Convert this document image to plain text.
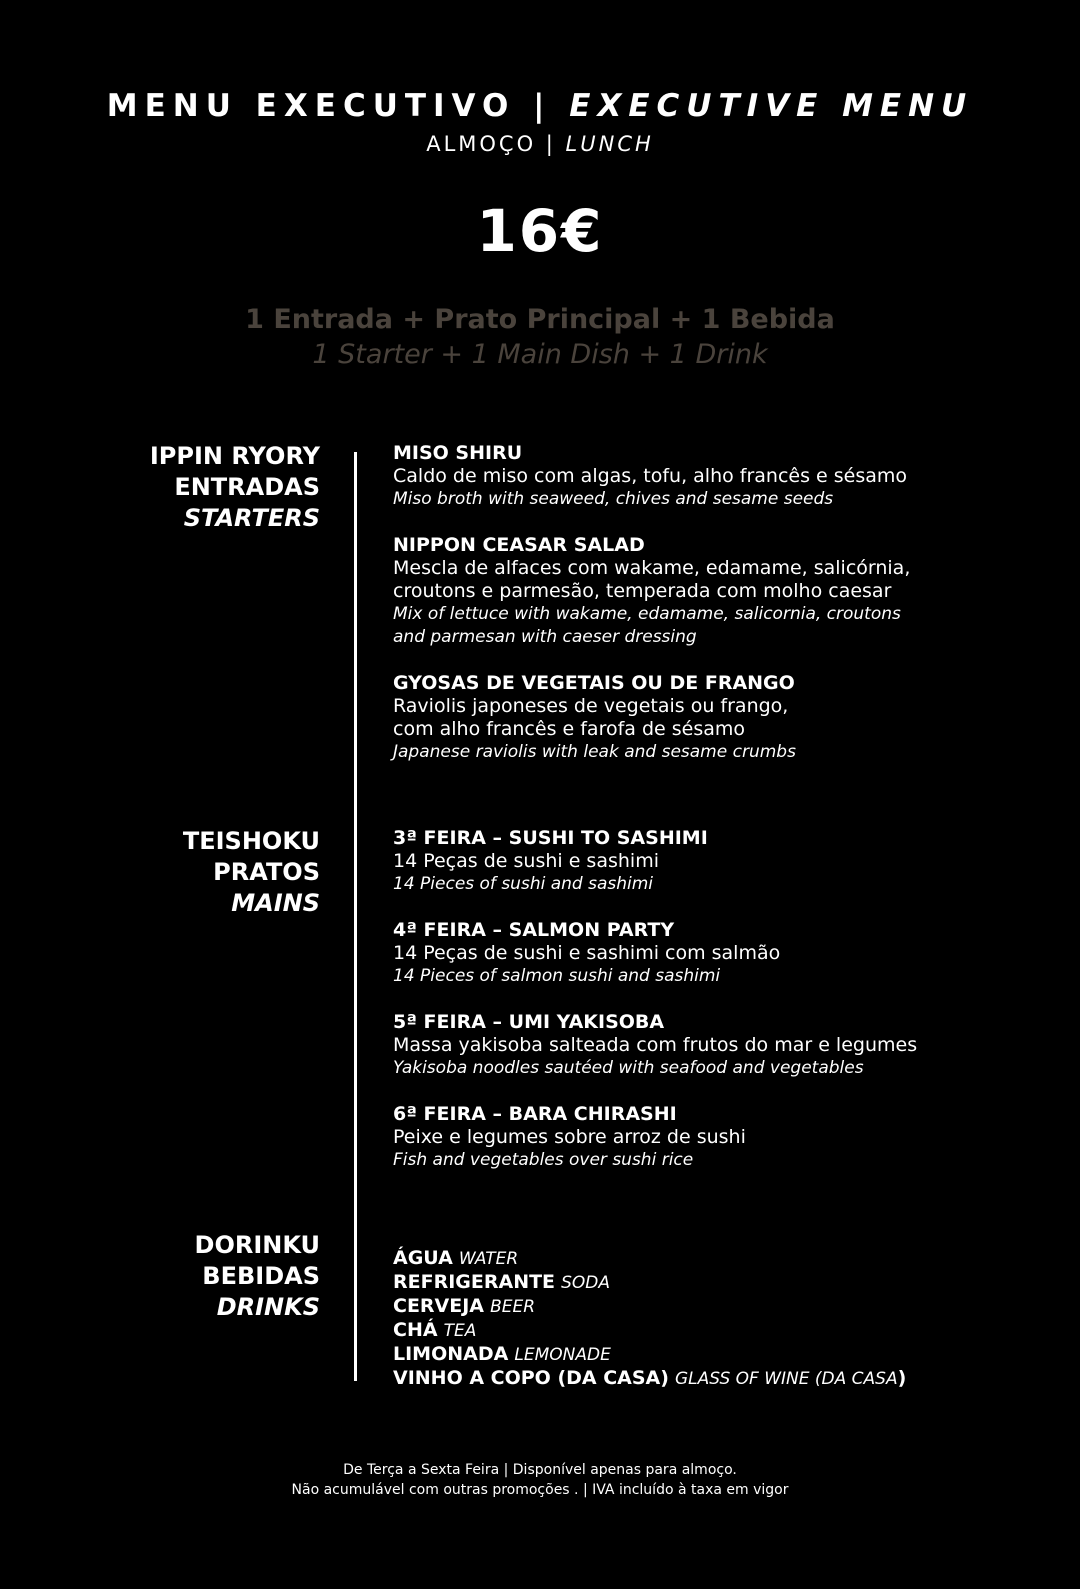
MENU EXECUTIVO | EXECUTIVE MENU
ALMOÇO | LUNCH
16€
1 Entrada + Prato Principal + 1 Bebida
1 Starter + 1 Main Dish + 1 Drink
IPPIN RYORY
ENTRADAS
STARTERS
MISO SHIRU
Caldo de miso com algas, tofu, alho francês e sésamo
Miso broth with seaweed, chives and sesame seeds
NIPPON CEASAR SALAD
Mescla de alfaces com wakame, edamame, salicórnia,
croutons e parmesão, temperada com molho caesar
Mix of lettuce with wakame, edamame, salicornia, croutons
and parmesan with caeser dressing
GYOSAS DE VEGETAIS OU DE FRANGO
Raviolis japoneses de vegetais ou frango,
com alho francês e farofa de sésamo
Japanese raviolis with leak and sesame crumbs
TEISHOKU
PRATOS
MAINS
3ª FEIRA – SUSHI TO SASHIMI
14 Peças de sushi e sashimi
14 Pieces of sushi and sashimi
4ª FEIRA – SALMON PARTY
14 Peças de sushi e sashimi com salmão
14 Pieces of salmon sushi and sashimi
5ª FEIRA – UMI YAKISOBA
Massa yakisoba salteada com frutos do mar e legumes
Yakisoba noodles sautéed with seafood and vegetables
6ª FEIRA – BARA CHIRASHI
Peixe e legumes sobre arroz de sushi
Fish and vegetables over sushi rice
DORINKU
BEBIDAS
DRINKS
ÁGUA WATER
REFRIGERANTE SODA
CERVEJA BEER
CHÁ TEA
LIMONADA LEMONADE
VINHO A COPO (DA CASA) GLASS OF WINE (DA CASA)
De Terça a Sexta Feira | Disponível apenas para almoço.
Não acumulável com outras promoções . | IVA incluído à taxa em vigor
